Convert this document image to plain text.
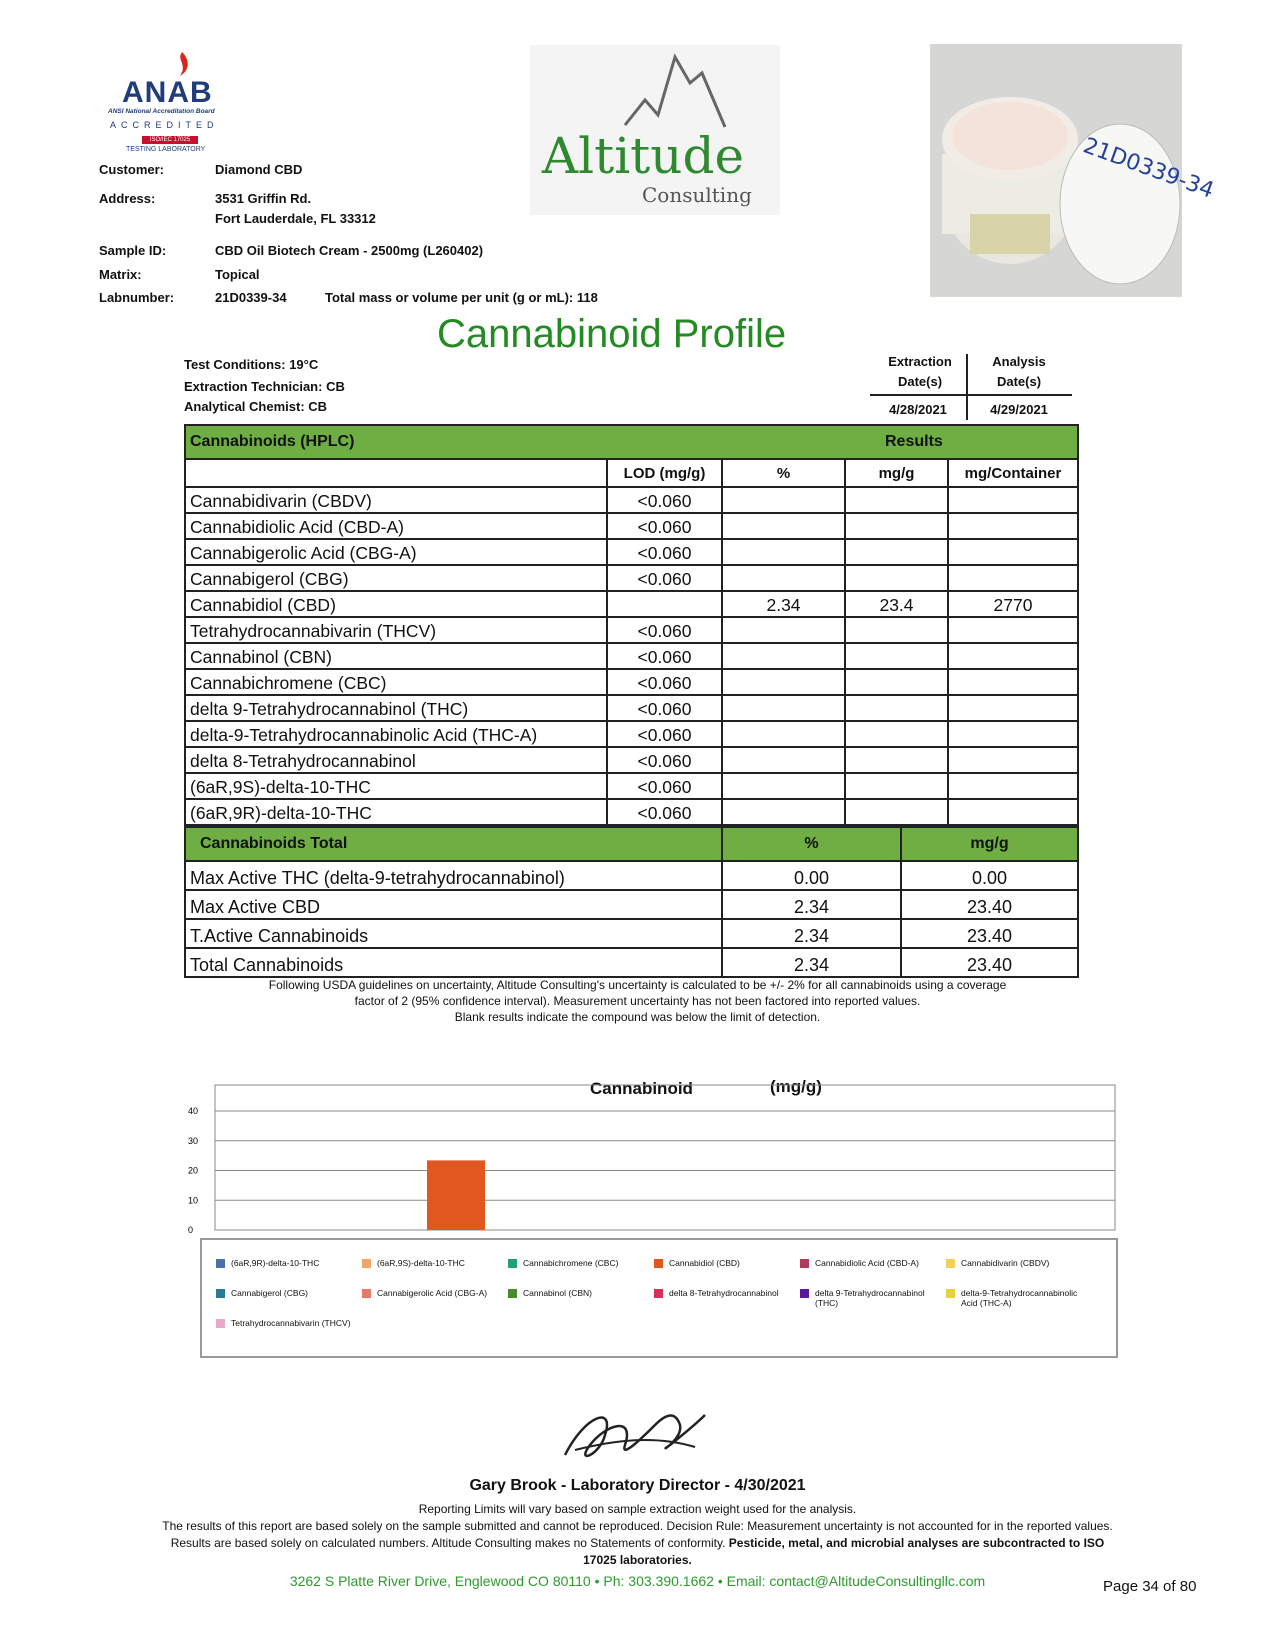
ANAB
ANSI National Accreditation Board
ACCREDITED
ISO/IEC 17025
TESTING LABORATORY	Altitude
Consulting	21D0339-34
Customer:	Diamond CBD
Address:	3531 Griffin Rd.
Fort Lauderdale, FL 33312
Sample ID:	CBD Oil Biotech Cream - 2500mg (L260402)
Matrix:	Topical
Labnumber:	21D0339-34	Total mass or volume per unit (g or mL): 118
Cannabinoid Profile
Test Conditions: 19°C
Extraction Technician: CB
Analytical Chemist: CB
Extraction
Date(s)
Analysis
Date(s)
4/28/2021	4/29/2021
Cannabinoids (HPLC)			Results	
	LOD (mg/g)	%	mg/g	mg/Container
Cannabidivarin (CBDV)	<0.060			
Cannabidiolic Acid (CBD-A)	<0.060			
Cannabigerolic Acid (CBG-A)	<0.060			
Cannabigerol (CBG)	<0.060			
Cannabidiol (CBD)		2.34	23.4	2770
Tetrahydrocannabivarin (THCV)	<0.060			
Cannabinol (CBN)	<0.060			
Cannabichromene (CBC)	<0.060			
delta 9-Tetrahydrocannabinol (THC)	<0.060			
delta-9-Tetrahydrocannabinolic Acid (THC-A)	<0.060			
delta 8-Tetrahydrocannabinol	<0.060			
(6aR,9S)-delta-10-THC	<0.060			
(6aR,9R)-delta-10-THC	<0.060			
Cannabinoids Total	%	mg/g
Max Active THC (delta-9-tetrahydrocannabinol)	0.00	0.00
Max Active CBD	2.34	23.40
T.Active Cannabinoids	2.34	23.40
Total Cannabinoids	2.34	23.40
Following USDA guidelines on uncertainty, Altitude Consulting's uncertainty is calculated to be +/- 2% for all cannabinoids using a coverage
factor of 2 (95% confidence interval). Measurement uncertainty has not been factored into reported values.
Blank results indicate the compound was below the limit of detection.
Cannabinoid	(mg/g)
0
10
20
30
40
(6aR,9R)-delta-10-THC	(6aR,9S)-delta-10-THC	Cannabichromene (CBC)	Cannabidiol (CBD)	Cannabidiolic Acid (CBD-A)	Cannabidivarin (CBDV)
Cannabigerol (CBG)	Cannabigerolic Acid (CBG-A)	Cannabinol (CBN)	delta 8-Tetrahydrocannabinol	delta 9-Tetrahydrocannabinol (THC)
delta-9-Tetrahydrocannabinolic Acid (THC-A)
Tetrahydrocannabivarin (THCV)
Gary Brook - Laboratory Director - 4/30/2021
Reporting Limits will vary based on sample extraction weight used for the analysis.
The results of this report are based solely on the sample submitted and cannot be reproduced. Decision Rule: Measurement uncertainty is not accounted for in the reported values.
Results are based solely on calculated numbers. Altitude Consulting makes no Statements of conformity. Pesticide, metal, and microbial analyses are subcontracted to ISO
17025 laboratories.
3262 S Platte River Drive, Englewood CO 80110 • Ph: 303.390.1662 • Email: contact@AltitudeConsultingllc.com	Page 34 of 80
